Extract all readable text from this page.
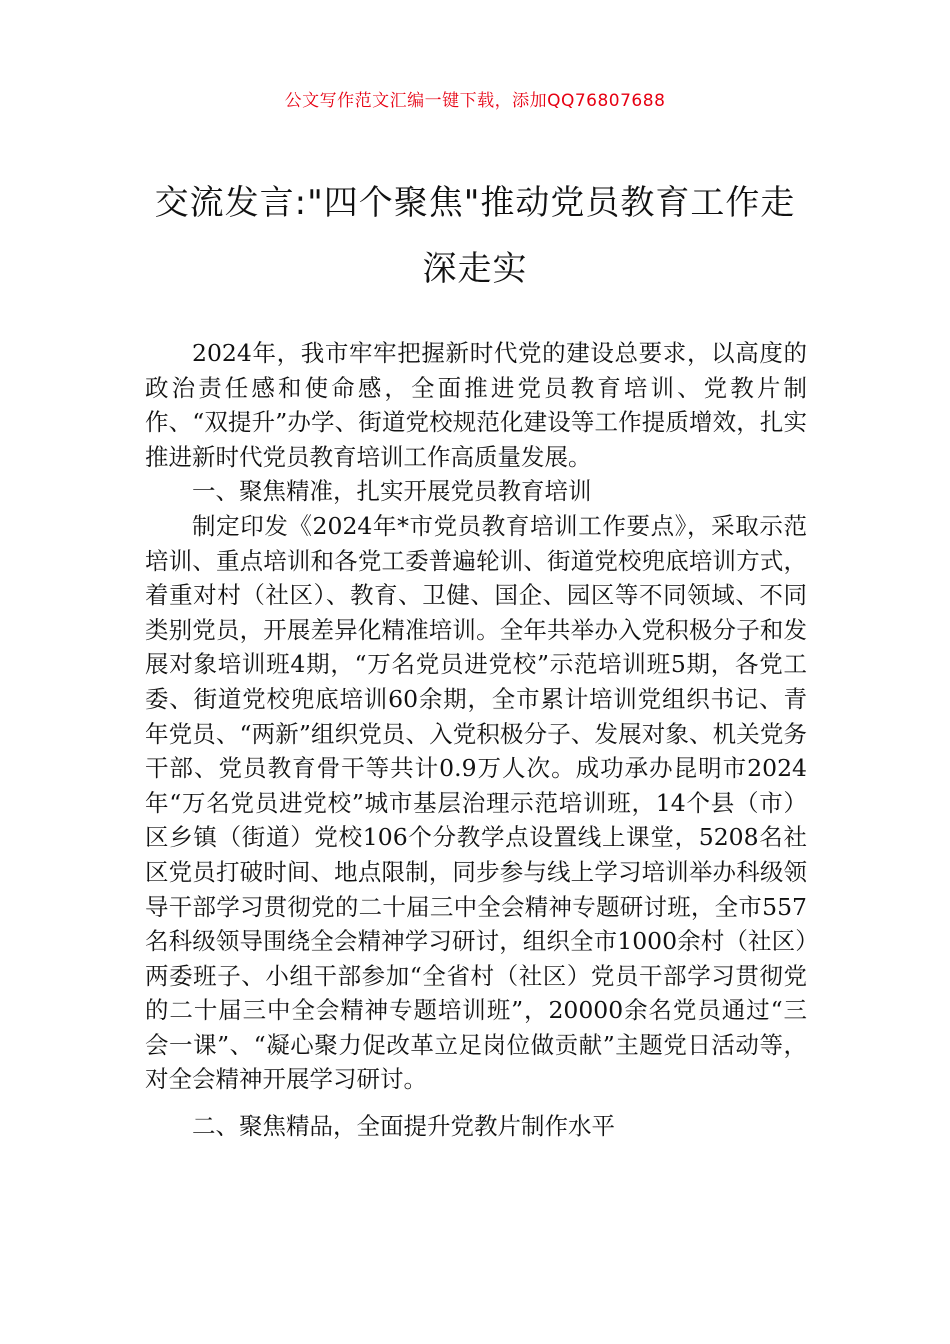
公文写作范文汇编一键下载，添加QQ76807688
交流发言:"四个聚焦"推动党员教育工作走深走实

2024年，我市牢牢把握新时代党的建设总要求，以高度的政治责任感和使命感，全面推进党员教育培训、党教片制作、“双提升”办学、街道党校规范化建设等工作提质增效，扎实推进新时代党员教育培训工作高质量发展。

一、聚焦精准，扎实开展党员教育培训

制定印发《2024年*市党员教育培训工作要点》，采取示范培训、重点培训和各党工委普遍轮训、街道党校兜底培训方式，着重对村（社区）、教育、卫健、国企、园区等不同领域、不同类别党员，开展差异化精准培训。全年共举办入党积极分子和发展对象培训班4期，“万名党员进党校”示范培训班5期，各党工委、街道党校兜底培训60余期，全市累计培训党组织书记、青年党员、“两新”组织党员、入党积极分子、发展对象、机关党务干部、党员教育骨干等共计0.9万人次。成功承办昆明市2024年“万名党员进党校”城市基层治理示范培训班，14个县（市）区乡镇（街道）党校106个分教学点设置线上课堂，5208名社区党员打破时间、地点限制，同步参与线上学习培训举办科级领导干部学习贯彻党的二十届三中全会精神专题研讨班，全市557名科级领导围绕全会精神学习研讨，组织全市1000余村（社区）两委班子、小组干部参加“全省村（社区）党员干部学习贯彻党的二十届三中全会精神专题培训班”，20000余名党员通过“三会一课”、“凝心聚力促改革立足岗位做贡献”主题党日活动等，对全会精神开展学习研讨。

二、聚焦精品，全面提升党教片制作水平
